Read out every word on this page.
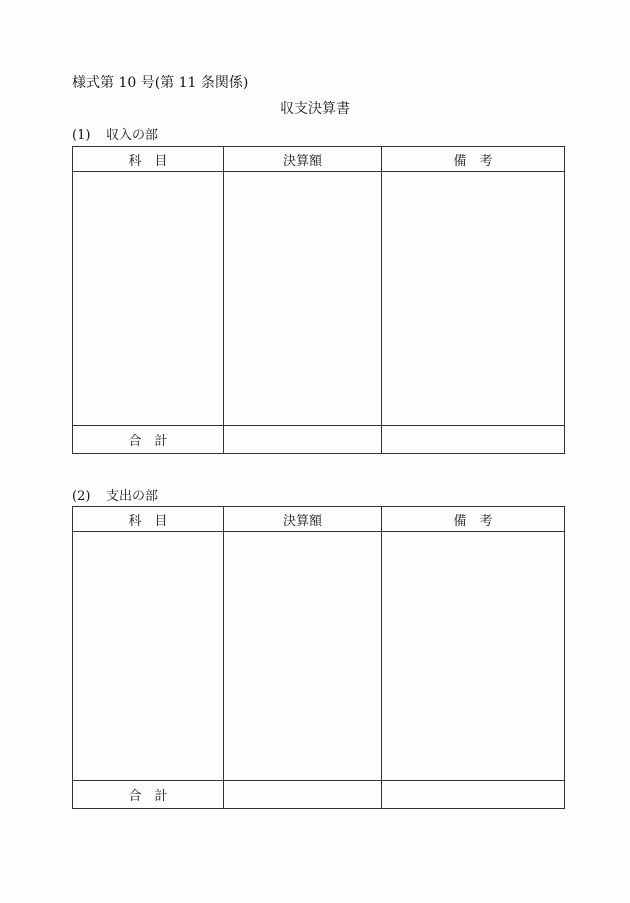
様式第 10 号(第 11 条関係)
収支決算書
(1) 収入の部
科　目	決算額	備　考

合　計		
(2) 支出の部
科　目	決算額	備　考

合　計		
